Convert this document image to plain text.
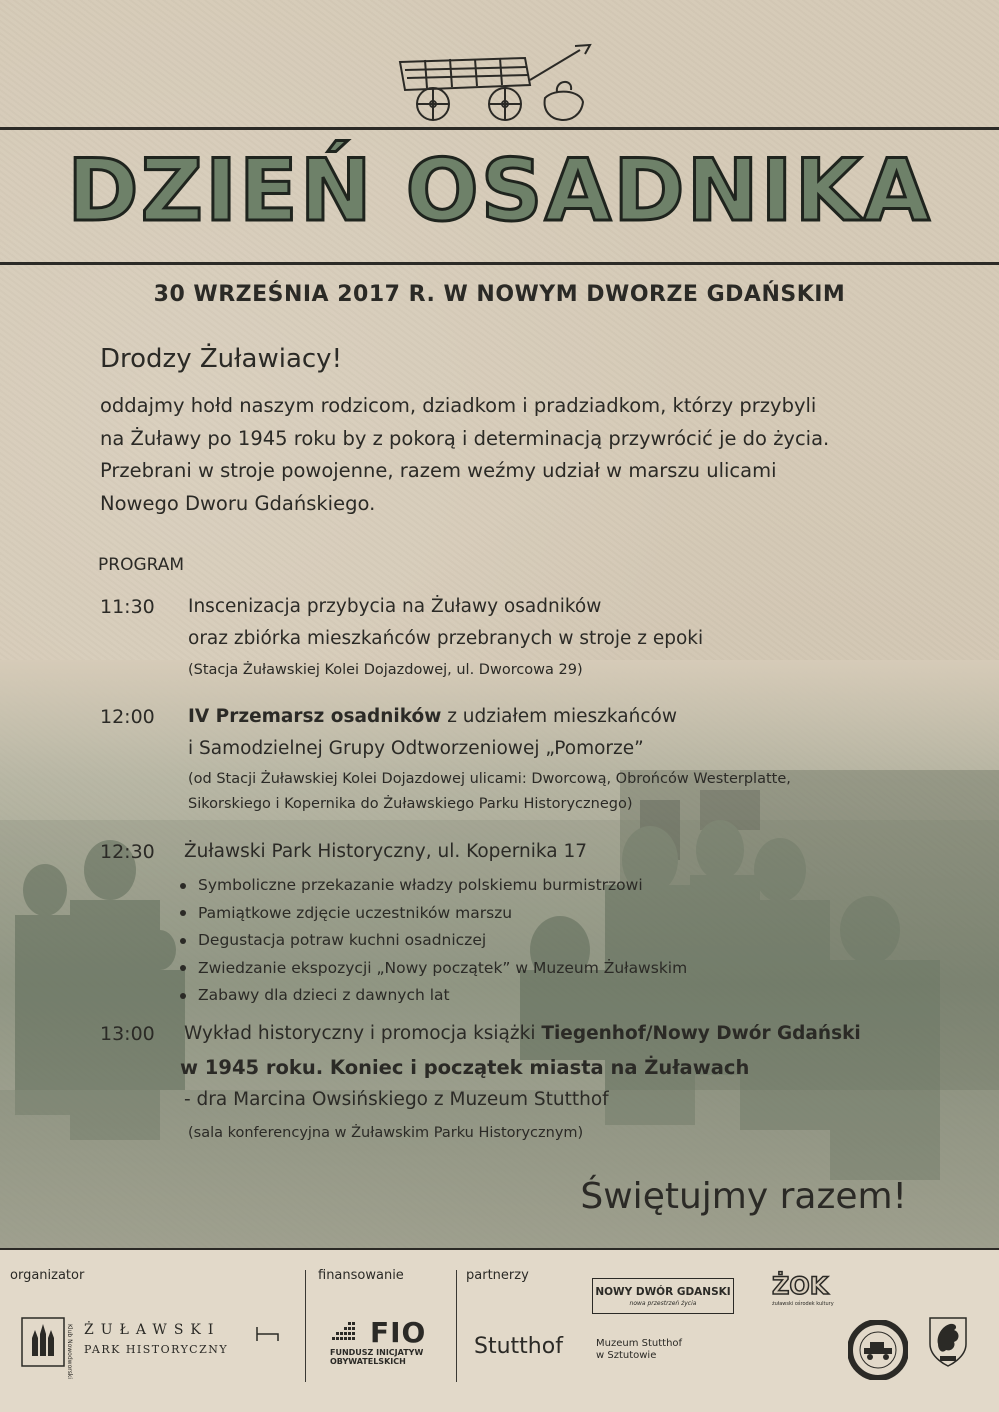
DZIEŃ OSADNIKA
30 WRZEŚNIA 2017 R. W NOWYM DWORZE GDAŃSKIM
Drodzy Żuławiacy!
oddajmy hołd naszym rodzicom, dziadkom i pradziadkom, którzy przybyli
na Żuławy po 1945 roku by z pokorą i determinacją przywrócić je do życia.
Przebrani w stroje powojenne, razem weźmy udział w marszu ulicami
Nowego Dworu Gdańskiego.
PROGRAM
11:30 Inscenizacja przybycia na Żuławy osadników
oraz zbiórka mieszkańców przebranych w stroje z epoki
(Stacja Żuławskiej Kolei Dojazdowej, ul. Dworcowa 29)
12:00 IV Przemarsz osadników z udziałem mieszkańców
i Samodzielnej Grupy Odtworzeniowej „Pomorze”
(od Stacji Żuławskiej Kolei Dojazdowej ulicami: Dworcową, Obrońców Westerplatte,
Sikorskiego i Kopernika do Żuławskiego Parku Historycznego)
12:30 Żuławski Park Historyczny, ul. Kopernika 17
Symboliczne przekazanie władzy polskiemu burmistrzowi
Pamiątkowe zdjęcie uczestników marszu
Degustacja potraw kuchni osadniczej
Zwiedzanie ekspozycji „Nowy początek” w Muzeum Żuławskim
Zabawy dla dzieci z dawnych lat
13:00 Wykład historyczny i promocja książki Tiegenhof/Nowy Dwór Gdański
w 1945 roku. Koniec i początek miasta na Żuławach
- dra Marcina Owsińskiego z Muzeum Stutthof
(sala konferencyjna w Żuławskim Parku Historycznym)
Świętujmy razem!
organizator	finansowanie	partnerzy
Klub Nowodworski ŻUŁAWSKI
PARK HISTORYCZNY
FIO
FUNDUSZ INICJATYW
OBYWATELSKICH
NOWY DWÓR GDANSKI
nowa przestrzeń życia
ŻOK
żuławski ośrodek kultury
Stutthof	Muzeum Stutthof
w Sztutowie
